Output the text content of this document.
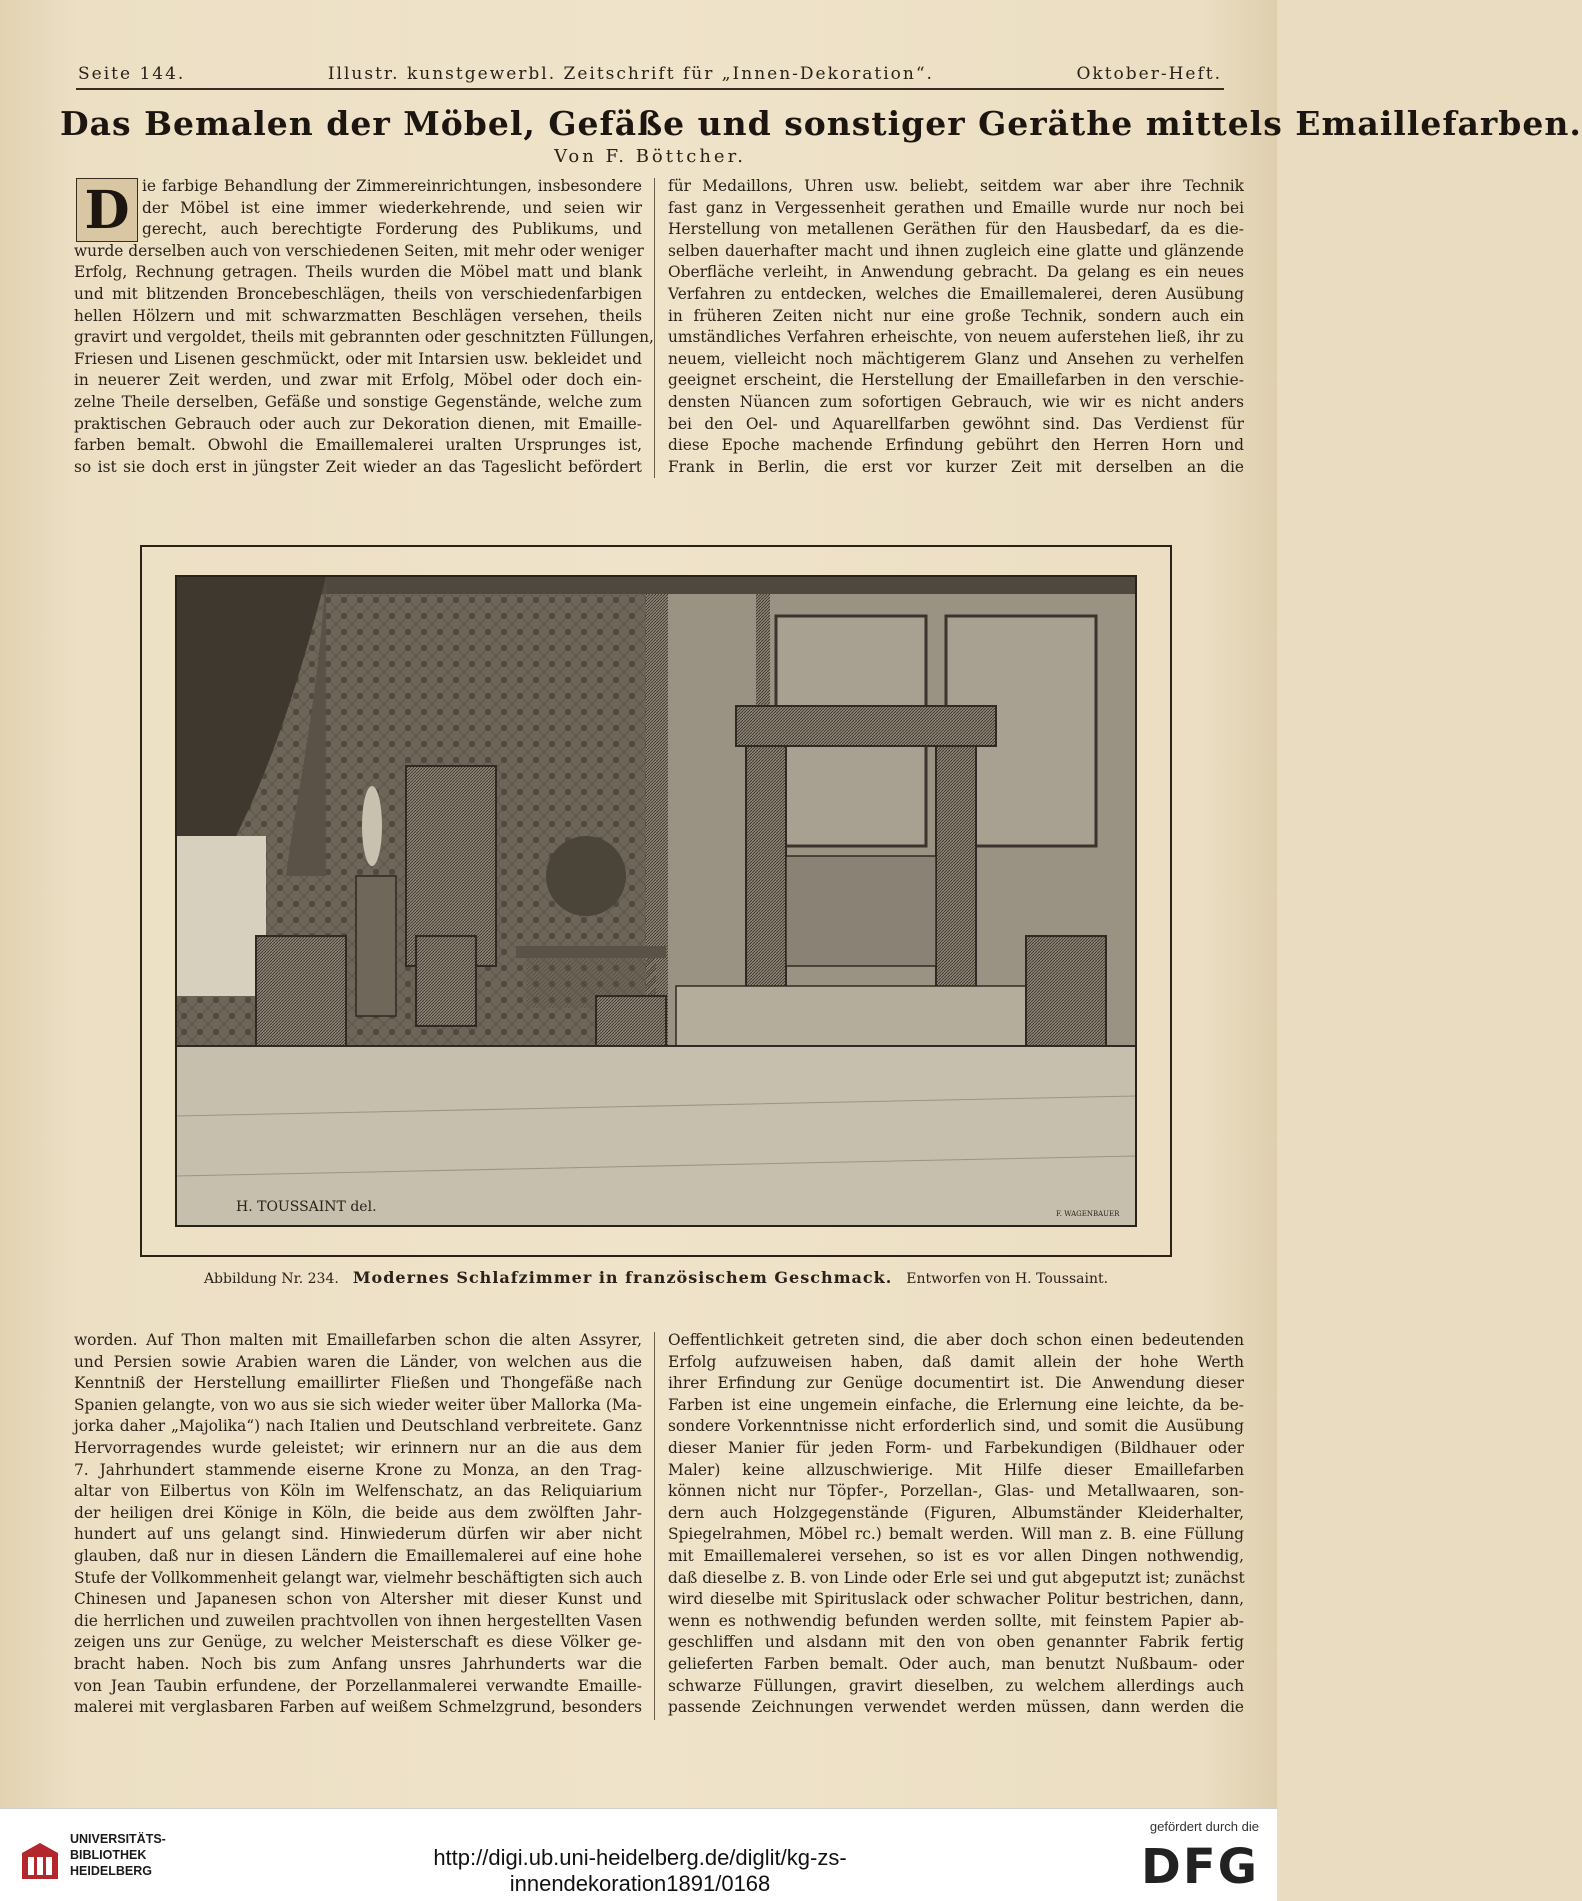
Seite 144.	Illustr. kunstgewerbl. Zeitschrift für „Innen-Dekoration“.	Oktober-Heft.
Das Bemalen der Möbel, Gefäße und sonstiger Geräthe mittels Emaillefarben.
Von F. Böttcher.
D ie farbige Behandlung der Zimmereinrichtungen, insbesondere
der Möbel ist eine immer wiederkehrende, und seien wir
gerecht, auch berechtigte Forderung des Publikums, und
wurde derselben auch von verschiedenen Seiten, mit mehr oder weniger
Erfolg, Rechnung getragen. Theils wurden die Möbel matt und blank
und mit blitzenden Broncebeschlägen, theils von verschiedenfarbigen
hellen Hölzern und mit schwarzmatten Beschlägen versehen, theils
gravirt und vergoldet, theils mit gebrannten oder geschnitzten Füllungen,
Friesen und Lisenen geschmückt, oder mit Intarsien usw. bekleidet und
in neuerer Zeit werden, und zwar mit Erfolg, Möbel oder doch ein-
zelne Theile derselben, Gefäße und sonstige Gegenstände, welche zum
praktischen Gebrauch oder auch zur Dekoration dienen, mit Emaille-
farben bemalt. Obwohl die Emaillemalerei uralten Ursprunges ist,
so ist sie doch erst in jüngster Zeit wieder an das Tageslicht befördert
für Medaillons, Uhren usw. beliebt, seitdem war aber ihre Technik
fast ganz in Vergessenheit gerathen und Emaille wurde nur noch bei
Herstellung von metallenen Geräthen für den Hausbedarf, da es die-
selben dauerhafter macht und ihnen zugleich eine glatte und glänzende
Oberfläche verleiht, in Anwendung gebracht. Da gelang es ein neues
Verfahren zu entdecken, welches die Emaillemalerei, deren Ausübung
in früheren Zeiten nicht nur eine große Technik, sondern auch ein
umständliches Verfahren erheischte, von neuem auferstehen ließ, ihr zu
neuem, vielleicht noch mächtigerem Glanz und Ansehen zu verhelfen
geeignet erscheint, die Herstellung der Emaillefarben in den verschie-
densten Nüancen zum sofortigen Gebrauch, wie wir es nicht anders
bei den Oel- und Aquarellfarben gewöhnt sind. Das Verdienst für
diese Epoche machende Erfindung gebührt den Herren Horn und
Frank in Berlin, die erst vor kurzer Zeit mit derselben an die
H. TOUSSAINT del.	F. WAGENBAUER
Abbildung Nr. 234. Modernes Schlafzimmer in französischem Geschmack. Entworfen von H. Toussaint.
worden. Auf Thon malten mit Emaillefarben schon die alten Assyrer,
und Persien sowie Arabien waren die Länder, von welchen aus die
Kenntniß der Herstellung emaillirter Fließen und Thongefäße nach
Spanien gelangte, von wo aus sie sich wieder weiter über Mallorka (Ma-
jorka daher „Majolika“) nach Italien und Deutschland verbreitete. Ganz
Hervorragendes wurde geleistet; wir erinnern nur an die aus dem
7. Jahrhundert stammende eiserne Krone zu Monza, an den Trag-
altar von Eilbertus von Köln im Welfenschatz, an das Reliquiarium
der heiligen drei Könige in Köln, die beide aus dem zwölften Jahr-
hundert auf uns gelangt sind. Hinwiederum dürfen wir aber nicht
glauben, daß nur in diesen Ländern die Emaillemalerei auf eine hohe
Stufe der Vollkommenheit gelangt war, vielmehr beschäftigten sich auch
Chinesen und Japanesen schon von Altersher mit dieser Kunst und
die herrlichen und zuweilen prachtvollen von ihnen hergestellten Vasen
zeigen uns zur Genüge, zu welcher Meisterschaft es diese Völker ge-
bracht haben. Noch bis zum Anfang unsres Jahrhunderts war die
von Jean Taubin erfundene, der Porzellanmalerei verwandte Emaille-
malerei mit verglasbaren Farben auf weißem Schmelzgrund, besonders
Oeffentlichkeit getreten sind, die aber doch schon einen bedeutenden
Erfolg aufzuweisen haben, daß damit allein der hohe Werth
ihrer Erfindung zur Genüge documentirt ist. Die Anwendung dieser
Farben ist eine ungemein einfache, die Erlernung eine leichte, da be-
sondere Vorkenntnisse nicht erforderlich sind, und somit die Ausübung
dieser Manier für jeden Form- und Farbekundigen (Bildhauer oder
Maler) keine allzuschwierige. Mit Hilfe dieser Emaillefarben
können nicht nur Töpfer-, Porzellan-, Glas- und Metallwaaren, son-
dern auch Holzgegenstände (Figuren, Albumständer Kleiderhalter,
Spiegelrahmen, Möbel rc.) bemalt werden. Will man z. B. eine Füllung
mit Emaillemalerei versehen, so ist es vor allen Dingen nothwendig,
daß dieselbe z. B. von Linde oder Erle sei und gut abgeputzt ist; zunächst
wird dieselbe mit Spirituslack oder schwacher Politur bestrichen, dann,
wenn es nothwendig befunden werden sollte, mit feinstem Papier ab-
geschliffen und alsdann mit den von oben genannter Fabrik fertig
gelieferten Farben bemalt. Oder auch, man benutzt Nußbaum- oder
schwarze Füllungen, gravirt dieselben, zu welchem allerdings auch
passende Zeichnungen verwendet werden müssen, dann werden die
UNIVERSITÄTS-
BIBLIOTHEK
HEIDELBERG
http://digi.ub.uni-heidelberg.de/diglit/kg-zs-innendekoration1891/0168
gefördert durch die
DFG
